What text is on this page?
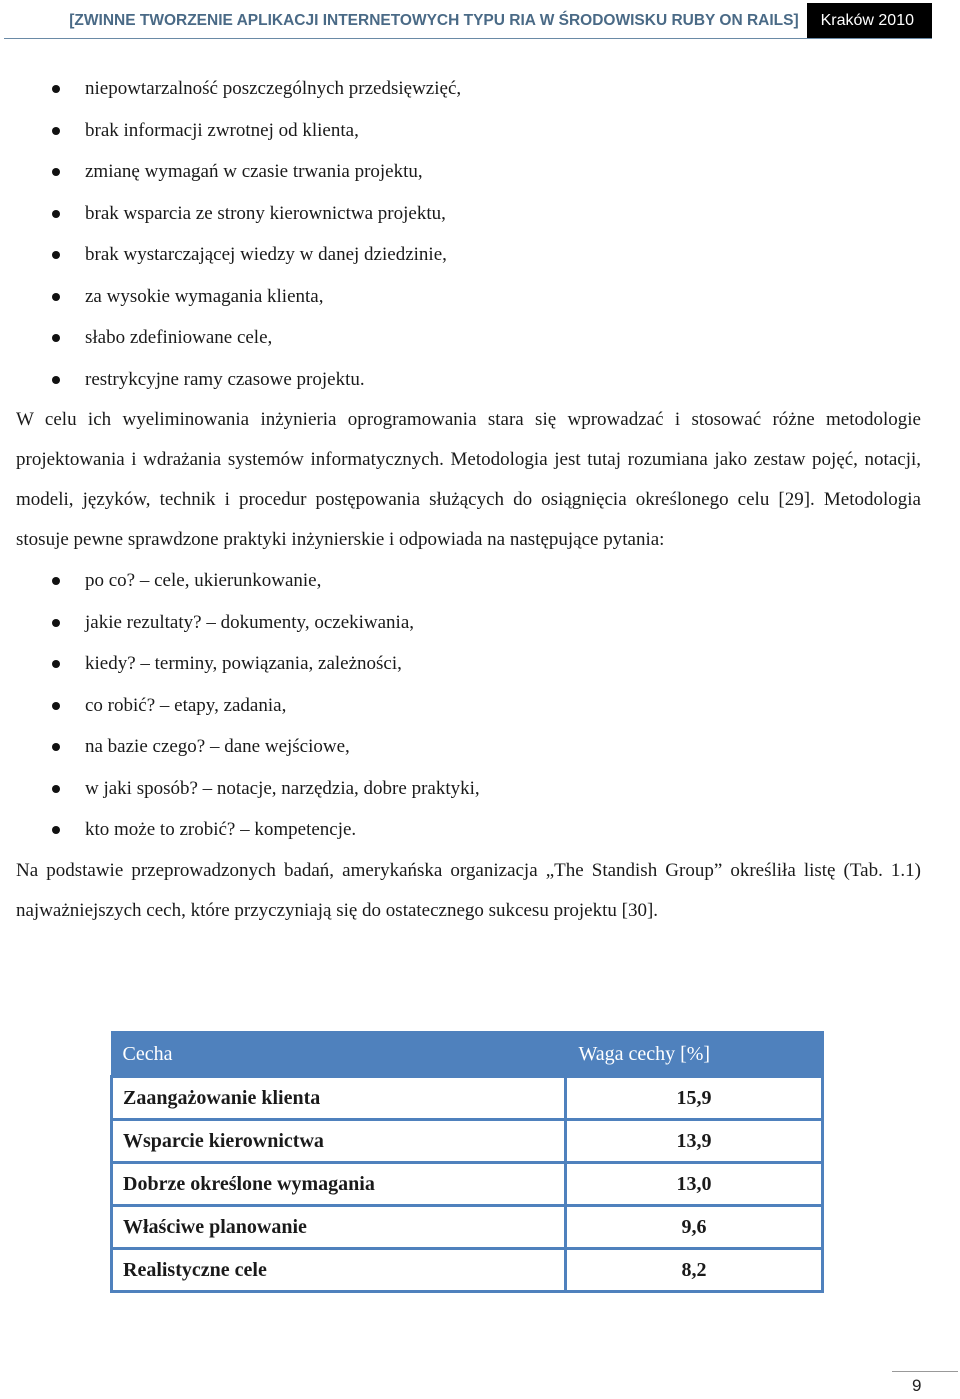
[ZWINNE TWORZENIE APLIKACJI INTERNETOWYCH TYPU RIA W ŚRODOWISKU RUBY ON RAILS]	Kraków 2010
niepowtarzalność poszczególnych przedsięwzięć,
brak informacji zwrotnej od klienta,
zmianę wymagań w czasie trwania projektu,
brak wsparcia ze strony kierownictwa projektu,
brak wystarczającej wiedzy w danej dziedzinie,
za wysokie wymagania klienta,
słabo zdefiniowane cele,
restrykcyjne ramy czasowe projektu.

W celu ich wyeliminowania inżynieria oprogramowania stara się wprowadzać i stosować różne metodologie projektowania i wdrażania systemów informatycznych. Metodologia jest tutaj rozumiana jako zestaw pojęć, notacji, modeli, języków, technik i procedur postępowania służących do osiągnięcia określonego celu [29]. Metodologia stosuje pewne sprawdzone praktyki inżynierskie i odpowiada na następujące pytania:

po co? – cele, ukierunkowanie,
jakie rezultaty? – dokumenty, oczekiwania,
kiedy? – terminy, powiązania, zależności,
co robić? – etapy, zadania,
na bazie czego? – dane wejściowe,
w jaki sposób? – notacje, narzędzia, dobre praktyki,
kto może to zrobić? – kompetencje.

Na podstawie przeprowadzonych badań, amerykańska organizacja „The Standish Group” określiła listę (Tab. 1.1) najważniejszych cech, które przyczyniają się do ostatecznego sukcesu projektu [30].

Cecha	Waga cechy [%]
Zaangażowanie klienta	15,9
Wsparcie kierownictwa	13,9
Dobrze określone wymagania	13,0
Właściwe planowanie	9,6
Realistyczne cele	8,2
9
